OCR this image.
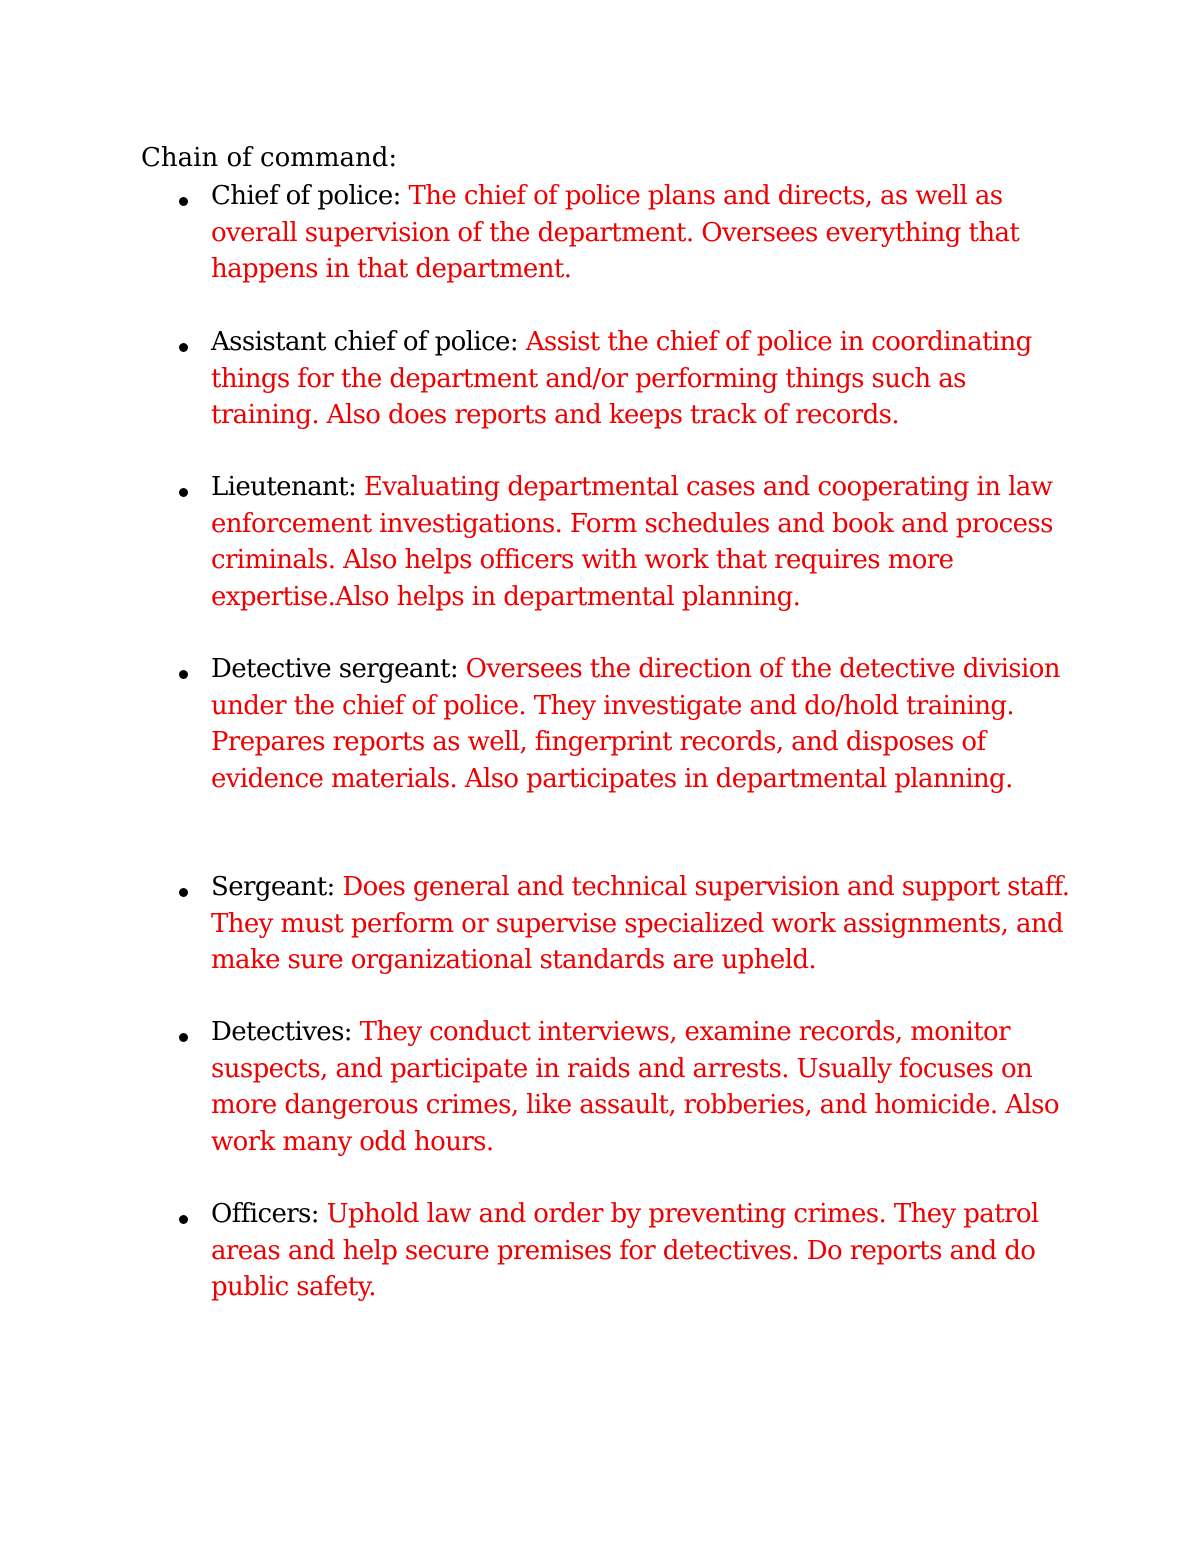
Chain of command:

Chief of police: The chief of police plans and directs, as well as overall supervision of the department. Oversees everything that happens in that department.

Assistant chief of police: Assist the chief of police in coordinating things for the department and/or performing things such as training. Also does reports and keeps track of records.

Lieutenant: Evaluating departmental cases and cooperating in law enforcement investigations. Form schedules and book and process criminals. Also helps officers with work that requires more expertise.Also helps in departmental planning.

Detective sergeant: Oversees the direction of the detective division under the chief of police. They investigate and do/hold training. Prepares reports as well, fingerprint records, and disposes of evidence materials. Also participates in departmental planning.

Sergeant: Does general and technical supervision and support staff. They must perform or supervise specialized work assignments, and make sure organizational standards are upheld.

Detectives: They conduct interviews, examine records, monitor suspects, and participate in raids and arrests. Usually focuses on more dangerous crimes, like assault, robberies, and homicide. Also work many odd hours.

Officers: Uphold law and order by preventing crimes. They patrol areas and help secure premises for detectives. Do reports and do public safety.
